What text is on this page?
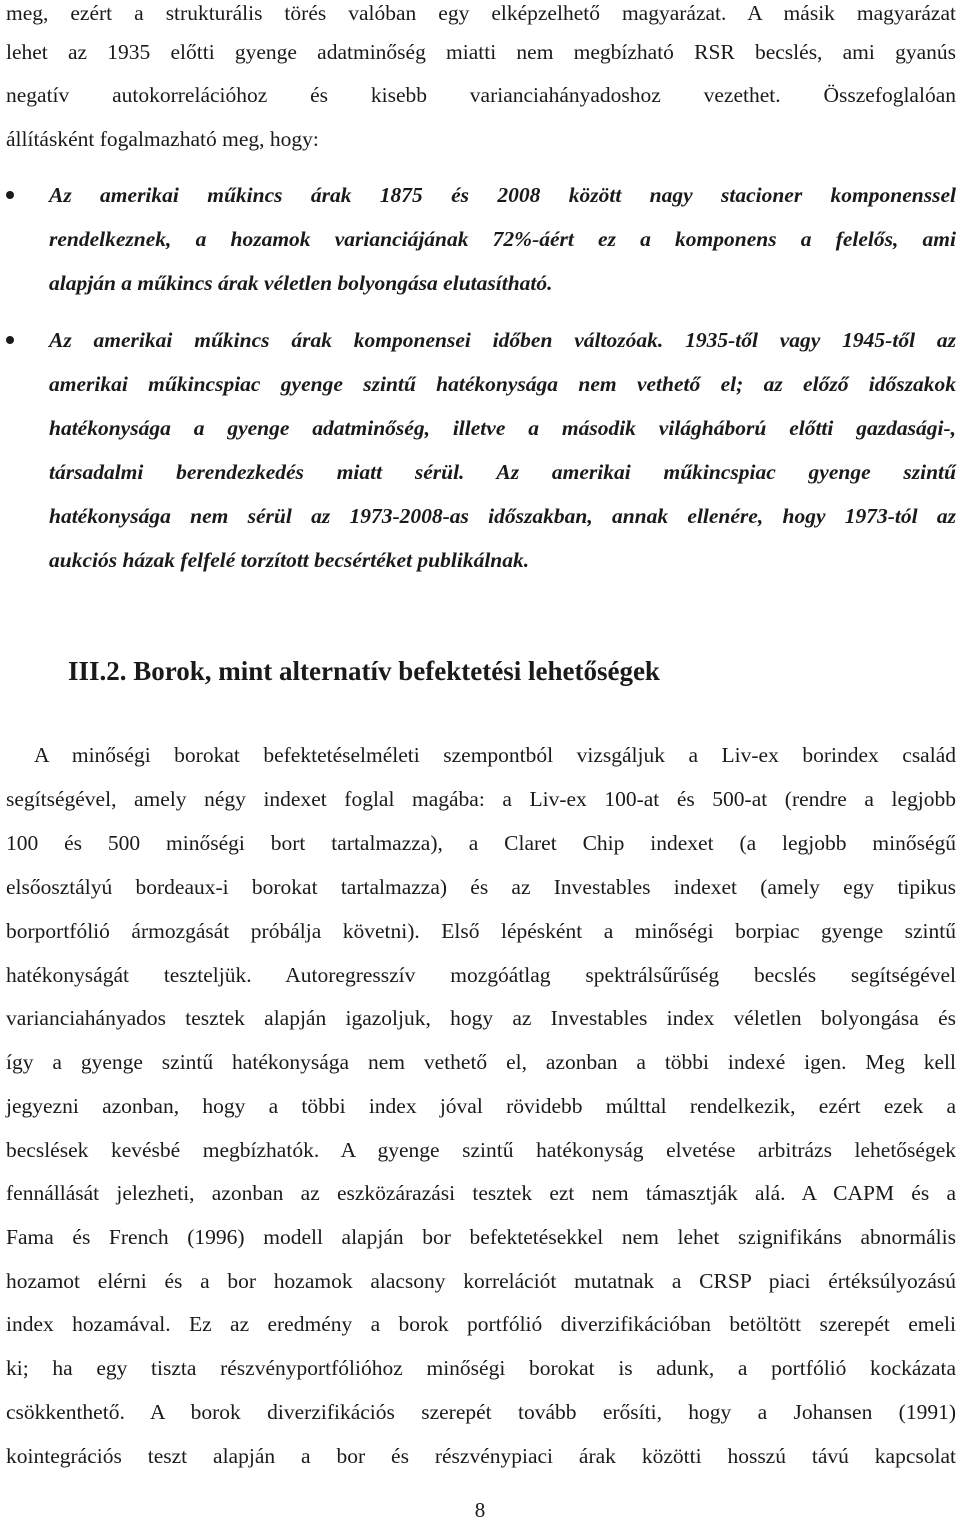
meg, ezért a strukturális törés valóban egy elképzelhető magyarázat. A másik magyarázat
lehet az 1935 előtti gyenge adatminőség miatti nem megbízható RSR becslés, ami gyanús
negatív autokorrelációhoz és kisebb varianciahányadoshoz vezethet. Összefoglalóan
állításként fogalmazható meg, hogy:
Az amerikai műkincs árak 1875 és 2008 között nagy stacioner komponenssel
rendelkeznek, a hozamok varianciájának 72%-áért ez a komponens a felelős, ami
alapján a műkincs árak véletlen bolyongása elutasítható.
Az amerikai műkincs árak komponensei időben változóak. 1935-től vagy 1945-től az
amerikai műkincspiac gyenge szintű hatékonysága nem vethető el; az előző időszakok
hatékonysága a gyenge adatminőség, illetve a második világháború előtti gazdasági-,
társadalmi berendezkedés miatt sérül. Az amerikai műkincspiac gyenge szintű
hatékonysága nem sérül az 1973-2008-as időszakban, annak ellenére, hogy 1973-tól az
aukciós házak felfelé torzított becsértéket publikálnak.
III.2. Borok, mint alternatív befektetési lehetőségek
A minőségi borokat befektetéselméleti szempontból vizsgáljuk a Liv-ex borindex család
segítségével, amely négy indexet foglal magába: a Liv-ex 100-at és 500-at (rendre a legjobb
100 és 500 minőségi bort tartalmazza), a Claret Chip indexet (a legjobb minőségű
elsőosztályú bordeaux-i borokat tartalmazza) és az Investables indexet (amely egy tipikus
borportfólió ármozgását próbálja követni). Első lépésként a minőségi borpiac gyenge szintű
hatékonyságát teszteljük. Autoregresszív mozgóátlag spektrálsűrűség becslés segítségével
varianciahányados tesztek alapján igazoljuk, hogy az Investables index véletlen bolyongása és
így a gyenge szintű hatékonysága nem vethető el, azonban a többi indexé igen. Meg kell
jegyezni azonban, hogy a többi index jóval rövidebb múlttal rendelkezik, ezért ezek a
becslések kevésbé megbízhatók. A gyenge szintű hatékonyság elvetése arbitrázs lehetőségek
fennállását jelezheti, azonban az eszközárazási tesztek ezt nem támasztják alá. A CAPM és a
Fama és French (1996) modell alapján bor befektetésekkel nem lehet szignifikáns abnormális
hozamot elérni és a bor hozamok alacsony korrelációt mutatnak a CRSP piaci értéksúlyozású
index hozamával. Ez az eredmény a borok portfólió diverzifikációban betöltött szerepét emeli
ki; ha egy tiszta részvényportfólióhoz minőségi borokat is adunk, a portfólió kockázata
csökkenthető. A borok diverzifikációs szerepét tovább erősíti, hogy a Johansen (1991)
kointegrációs teszt alapján a bor és részvénypiaci árak közötti hosszú távú kapcsolat
8
